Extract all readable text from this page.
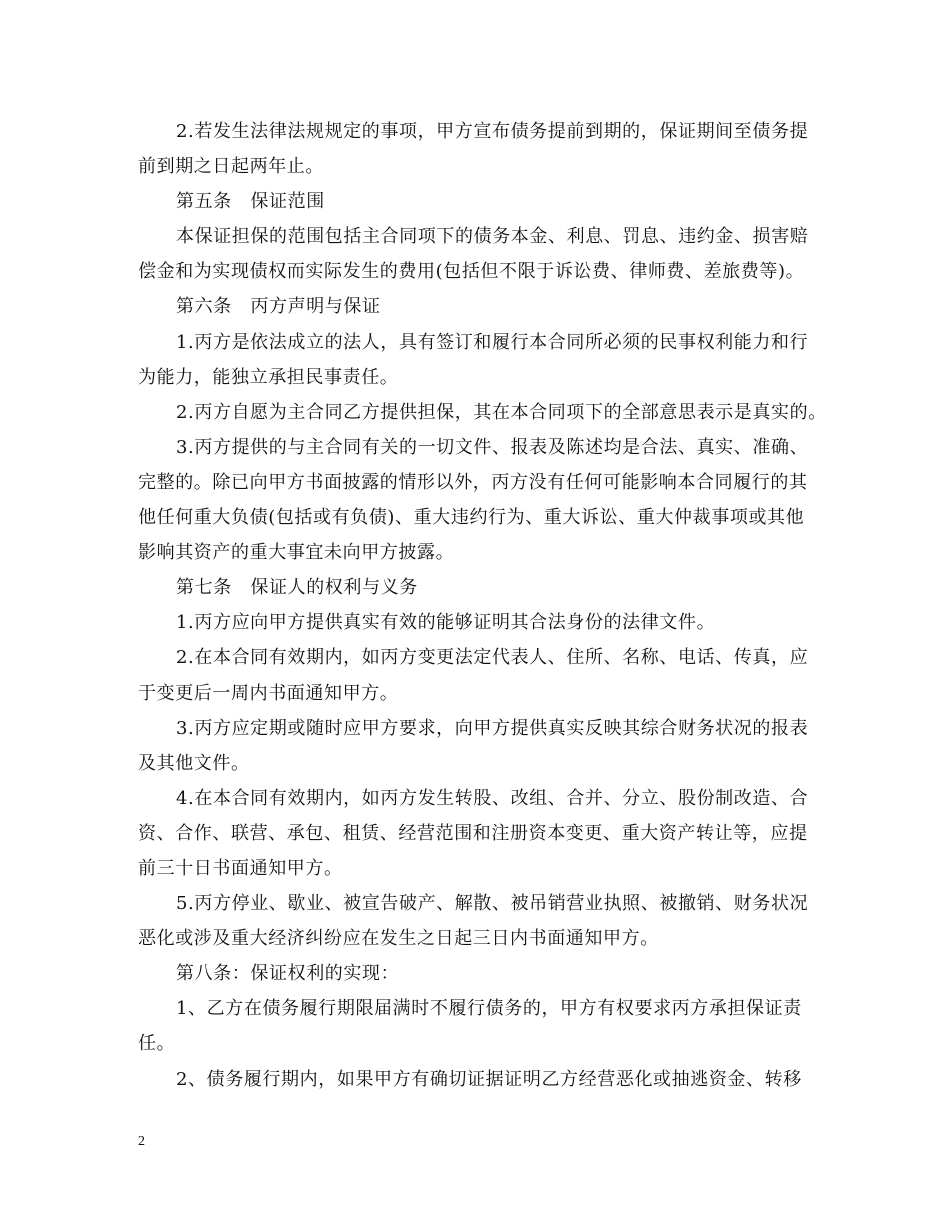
2.若发生法律法规规定的事项，甲方宣布债务提前到期的，保证期间至债务提
前到期之日起两年止。
第五条　保证范围
本保证担保的范围包括主合同项下的债务本金、利息、罚息、违约金、损害赔
偿金和为实现债权而实际发生的费用(包括但不限于诉讼费、律师费、差旅费等)。
第六条　丙方声明与保证
1.丙方是依法成立的法人，具有签订和履行本合同所必须的民事权利能力和行
为能力，能独立承担民事责任。
2.丙方自愿为主合同乙方提供担保，其在本合同项下的全部意思表示是真实的。
3.丙方提供的与主合同有关的一切文件、报表及陈述均是合法、真实、准确、
完整的。除已向甲方书面披露的情形以外，丙方没有任何可能影响本合同履行的其
他任何重大负债(包括或有负债)、重大违约行为、重大诉讼、重大仲裁事项或其他
影响其资产的重大事宜未向甲方披露。
第七条　保证人的权利与义务
1.丙方应向甲方提供真实有效的能够证明其合法身份的法律文件。
2.在本合同有效期内，如丙方变更法定代表人、住所、名称、电话、传真，应
于变更后一周内书面通知甲方。
3.丙方应定期或随时应甲方要求，向甲方提供真实反映其综合财务状况的报表
及其他文件。
4.在本合同有效期内，如丙方发生转股、改组、合并、分立、股份制改造、合
资、合作、联营、承包、租赁、经营范围和注册资本变更、重大资产转让等，应提
前三十日书面通知甲方。
5.丙方停业、歇业、被宣告破产、解散、被吊销营业执照、被撤销、财务状况
恶化或涉及重大经济纠纷应在发生之日起三日内书面通知甲方。
第八条：保证权利的实现：
1、乙方在债务履行期限届满时不履行债务的，甲方有权要求丙方承担保证责
任。
2、债务履行期内，如果甲方有确切证据证明乙方经营恶化或抽逃资金、转移
2
